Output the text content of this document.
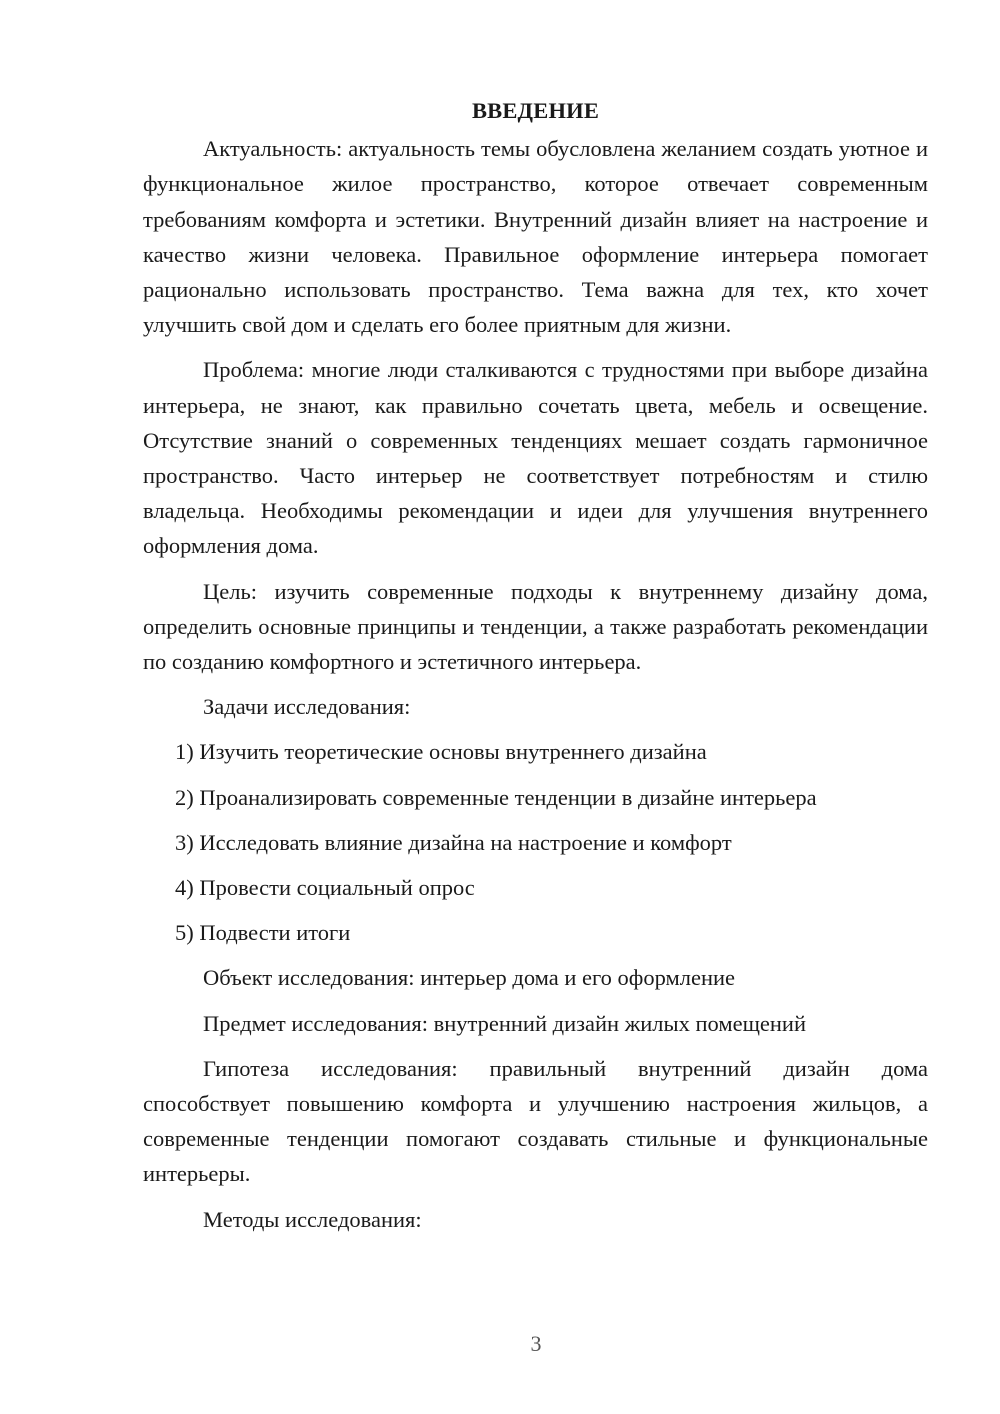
ВВЕДЕНИЕ

Актуальность: актуальность темы обусловлена желанием создать уютное и функциональное жилое пространство, которое отвечает современным требованиям комфорта и эстетики. Внутренний дизайн влияет на настроение и качество жизни человека. Правильное оформление интерьера помогает рационально использовать пространство. Тема важна для тех, кто хочет улучшить свой дом и сделать его более приятным для жизни.

Проблема: многие люди сталкиваются с трудностями при выборе дизайна интерьера, не знают, как правильно сочетать цвета, мебель и освещение. Отсутствие знаний о современных тенденциях мешает создать гармоничное пространство. Часто интерьер не соответствует потребностям и стилю владельца. Необходимы рекомендации и идеи для улучшения внутреннего оформления дома.

Цель: изучить современные подходы к внутреннему дизайну дома, определить основные принципы и тенденции, а также разработать рекомендации по созданию комфортного и эстетичного интерьера.

Задачи исследования:

1) Изучить теоретические основы внутреннего дизайна
2) Проанализировать современные тенденции в дизайне интерьера
3) Исследовать влияние дизайна на настроение и комфорт
4) Провести социальный опрос
5) Подвести итоги

Объект исследования: интерьер дома и его оформление

Предмет исследования: внутренний дизайн жилых помещений

Гипотеза исследования: правильный внутренний дизайн дома способствует повышению комфорта и улучшению настроения жильцов, а современные тенденции помогают создавать стильные и функциональные интерьеры.

Методы исследования:

3
